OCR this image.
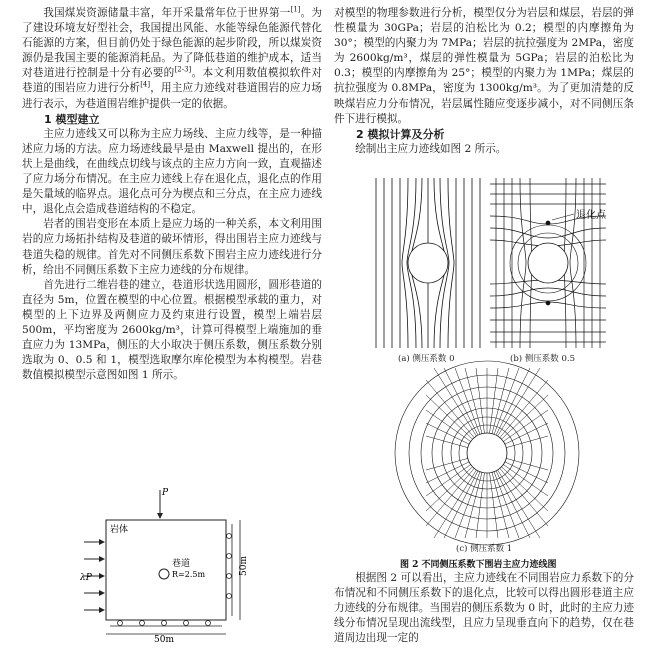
我国煤炭资源储量丰富，年开采量常年位于世界第一[1]。为了建设环境友好型社会，我国提出风能、水能等绿色能源代替化石能源的方案，但目前仍处于绿色能源的起步阶段，所以煤炭资源仍是我国主要的能源消耗品。为了降低巷道的维护成本，适当对巷道进行控制是十分有必要的[2-3]。本文利用数值模拟软件对巷道的围岩应力进行分析[4]，用主应力迹线对巷道围岩的应力场进行表示，为巷道围岩维护提供一定的依据。

1 模型建立

主应力迹线又可以称为主应力场线、主应力线等，是一种描述应力场的方法。应力场迹线最早是由 Maxwell 提出的，在形状上是曲线，在曲线点切线与该点的主应力方向一致，直观描述了应力场分布情况。在主应力迹线上存在退化点，退化点的作用是矢量域的临界点。退化点可分为楔点和三分点，在主应力迹线中，退化点会造成巷道结构的不稳定。

岩者的围岩变形在本质上是应力场的一种关系，本文利用围岩的应力场拓扑结构及巷道的破坏情形，得出围岩主应力迹线与巷道失稳的规律。首先对不同侧压系数下围岩主应力迹线进行分析，给出不同侧压系数下主应力迹线的分布规律。

首先进行二维岩巷的建立，巷道形状选用圆形，圆形巷道的直径为 5m，位置在模型的中心位置。根据模型承载的重力，对模型的上下边界及两侧应力及约束进行设置，模型上端岩层 500m，平均密度为 2600kg/m³，计算可得模型上端施加的垂直应力为 13MPa，侧压的大小取决于侧压系数，侧压系数分别选取为 0、0.5 和 1，模型选取摩尔库伦模型为本构模型。岩巷数值模拟模型示意图如图 1 所示。

P
λP
岩体
巷道
R=2.5m	50m
50m

对模型的物理参数进行分析，模型仅分为岩层和煤层，岩层的弹性模量为 30GPa；岩层的泊松比为 0.2；模型的内摩擦角为 30°；模型的内聚力为 7MPa；岩层的抗拉强度为 2MPa，密度为 2600kg/m³，煤层的弹性模量为 5GPa；岩层的泊松比为 0.3；模型的内摩擦角为 25°；模型的内聚力为 1MPa；煤层的抗拉强度为 0.8MPa，密度为 1300kg/m³。为了更加清楚的反映煤岩应力分布情况，岩层属性随应变逐步减小，对不同侧压条件下进行模拟。

2 模拟计算及分析

绘制出主应力迹线如图 2 所示。

(a) 侧压系数 0
退化点
(b) 侧压系数 0.5
(c) 侧压系数 1
图 2 不同侧压系数下围岩主应力迹线图

根据图 2 可以看出，主应力迹线在不同围岩应力系数下的分布情况和不同侧压系数下的退化点，比较可以得出圆形巷道主应力迹线的分布规律。当围岩的侧压系数为 0 时，此时的主应力迹线分布情况呈现出流线型，且应力呈现垂直向下的趋势，仅在巷道周边出现一定的
